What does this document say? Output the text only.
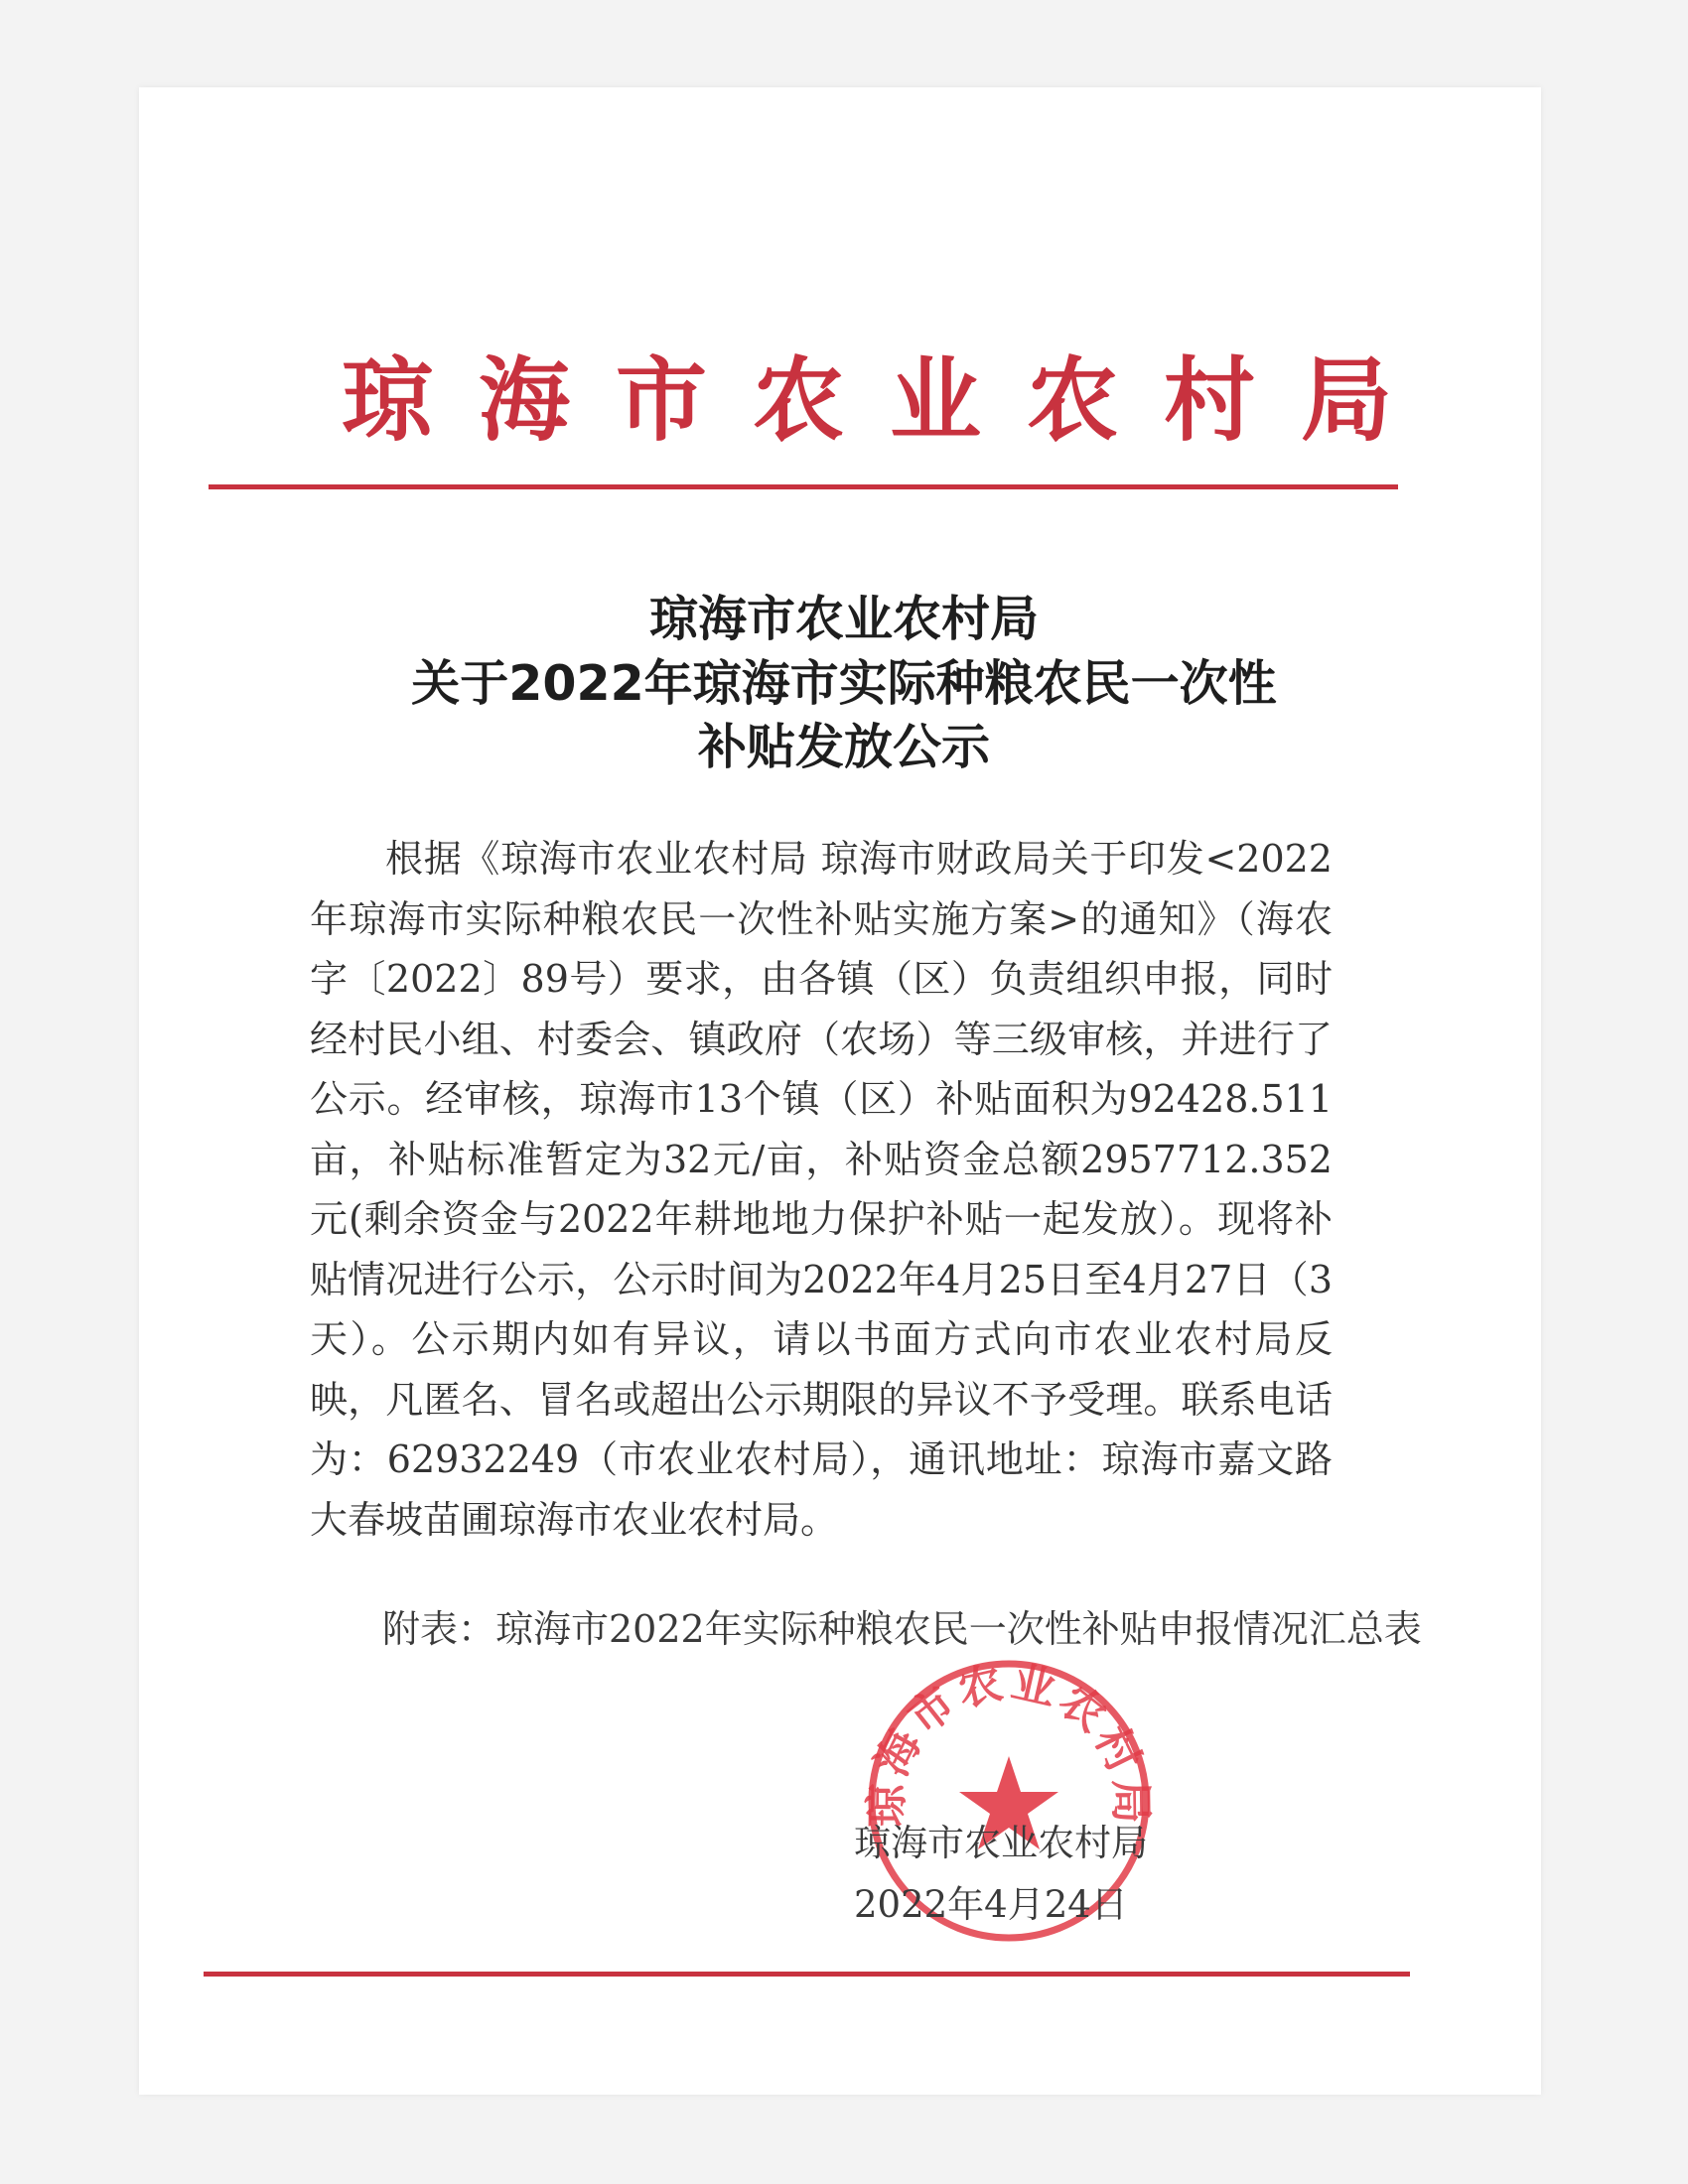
琼海市农业农村局
琼海市农业农村局
关于2022年琼海市实际种粮农民一次性
补贴发放公示
根据《琼海市农业农村局 琼海市财政局关于印发<2022年琼海市实际种粮农民一次性补贴实施方案>的通知》（海农字〔2022〕89号）要求，由各镇（区）负责组织申报，同时经村民小组、村委会、镇政府（农场）等三级审核，并进行了公示。经审核，琼海市13个镇（区）补贴面积为92428.511亩，补贴标准暂定为32元/亩，补贴资金总额2957712.352元(剩余资金与2022年耕地地力保护补贴一起发放）。现将补贴情况进行公示，公示时间为2022年4月25日至4月27日（3天）。公示期内如有异议，请以书面方式向市农业农村局反映，凡匿名、冒名或超出公示期限的异议不予受理。联系电话为：62932249（市农业农村局），通讯地址：琼海市嘉文路大春坡苗圃琼海市农业农村局。
附表：琼海市2022年实际种粮农民一次性补贴申报情况汇总表
琼海市农业农村局
琼海市农业农村局
2022年4月24日
